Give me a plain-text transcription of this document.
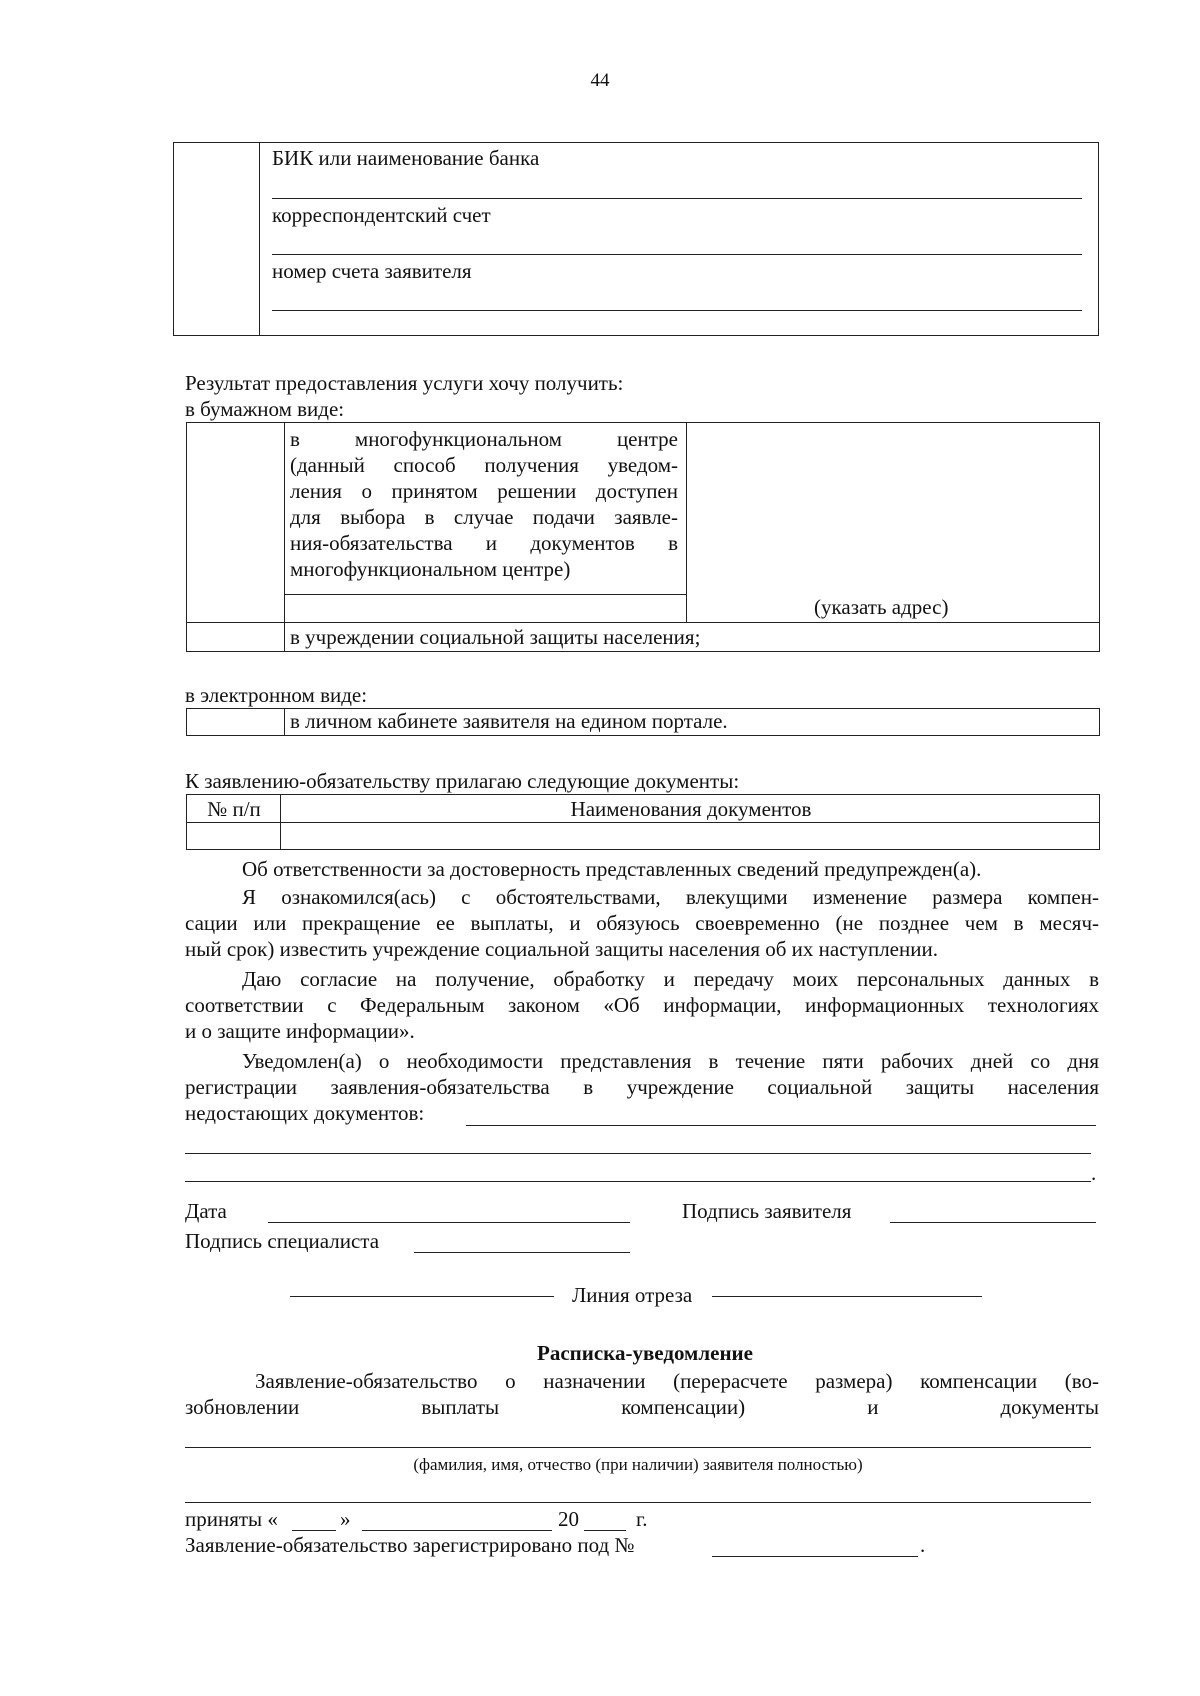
44
БИК или наименование банка
корреспондентский счет
номер счета заявителя
Результат предоставления услуги хочу получить:
в бумажном виде:
в многофункциональном центре
(данный способ получения уведом-
ления о принятом решении доступен
для выбора в случае подачи заявле-
ния-обязательства и документов в
многофункциональном центре)
(указать адрес)
в учреждении социальной защиты населения;
в электронном виде:
в личном кабинете заявителя на едином портале.
К заявлению-обязательству прилагаю следующие документы:
№ п/п	Наименования документов
Об ответственности за достоверность представленных сведений предупрежден(а).
Я ознакомился(ась) с обстоятельствами, влекущими изменение размера компен-
сации или прекращение ее выплаты, и обязуюсь своевременно (не позднее чем в месяч-
ный срок) известить учреждение социальной защиты населения об их наступлении.
Даю согласие на получение, обработку и передачу моих персональных данных в
соответствии с Федеральным законом «Об информации, информационных технологиях
и о защите информации».
Уведомлен(а) о необходимости представления в течение пяти рабочих дней со дня
регистрации заявления-обязательства в учреждение социальной защиты населения
недостающих документов:
.
Дата	Подпись заявителя
Подпись специалиста
Линия отреза
Расписка-уведомление
Заявление-обязательство о назначении (перерасчете размера) компенсации (во-
зобновлении	выплаты	компенсации)	и	документы
(фамилия, имя, отчество (при наличии) заявителя полностью)
приняты «	»	20	г.
Заявление-обязательство зарегистрировано под №	.
